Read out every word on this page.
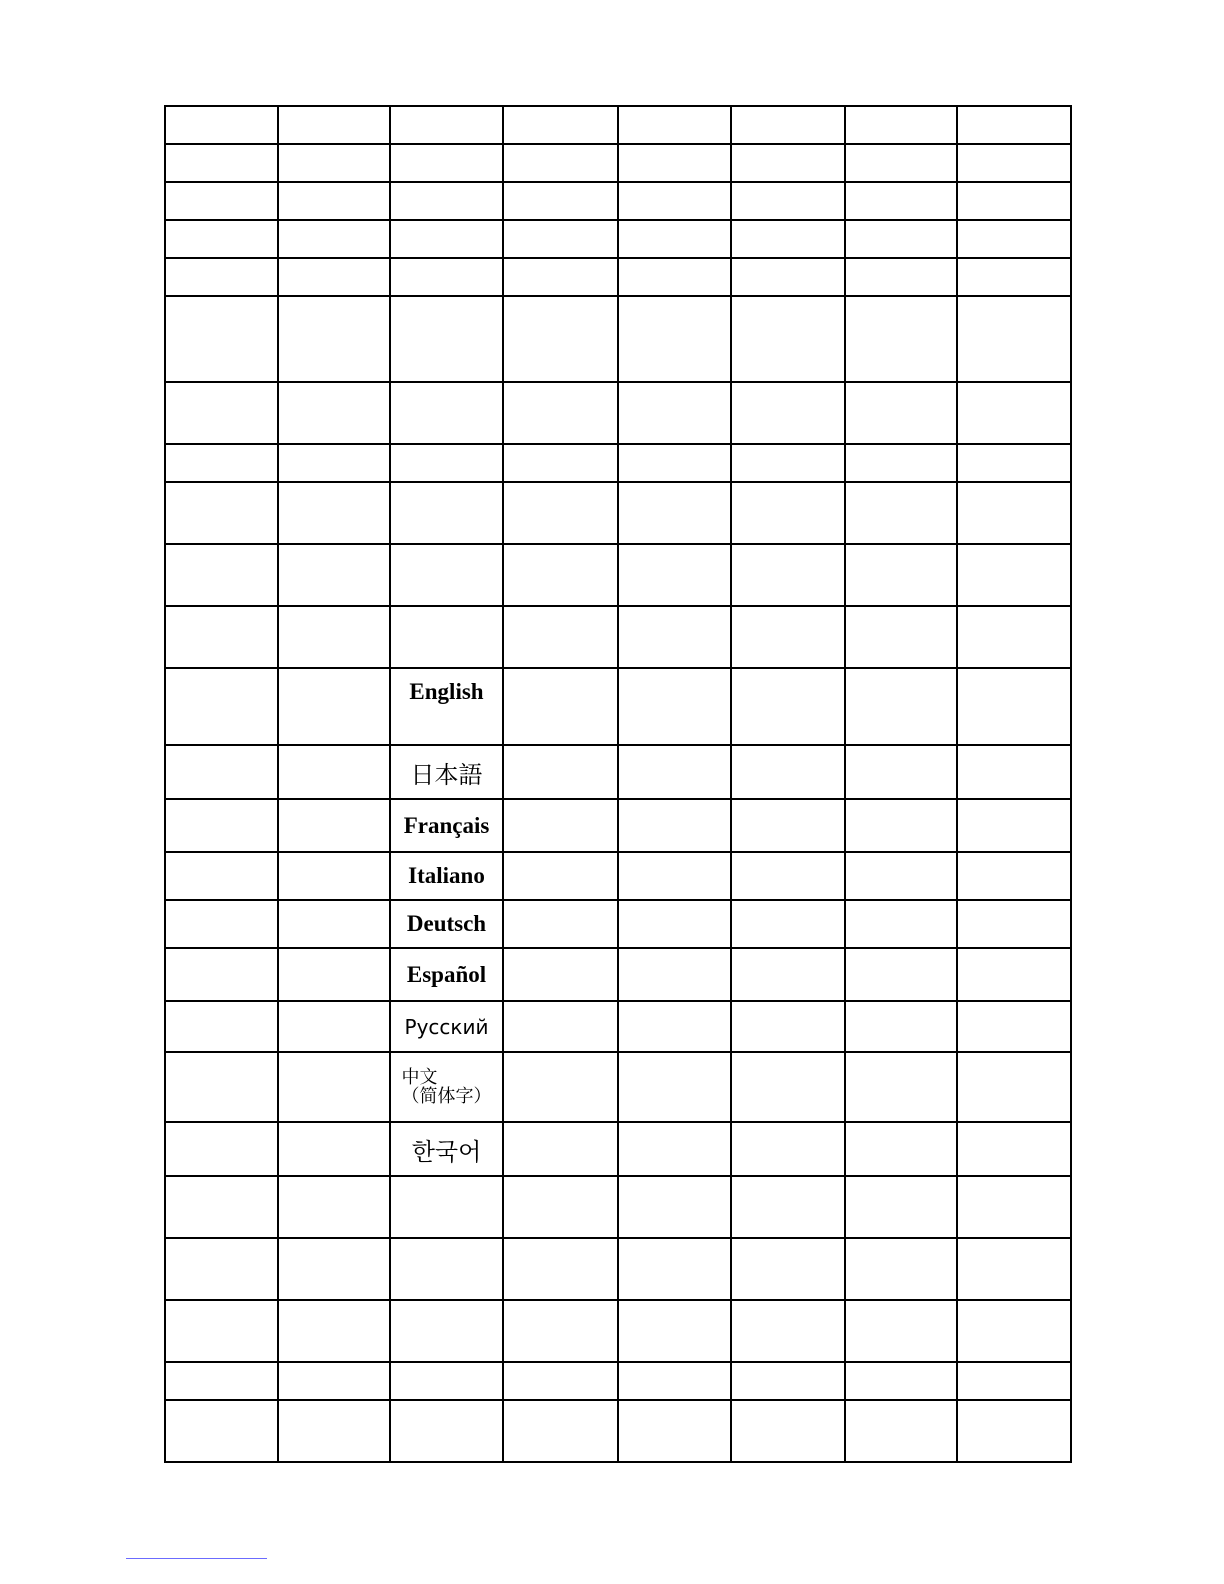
		English					

		日本語					
		Français					
		Italiano					
		Deutsch					
		Español					
		Русский					
		中文
（简体字）					
		한국어					
